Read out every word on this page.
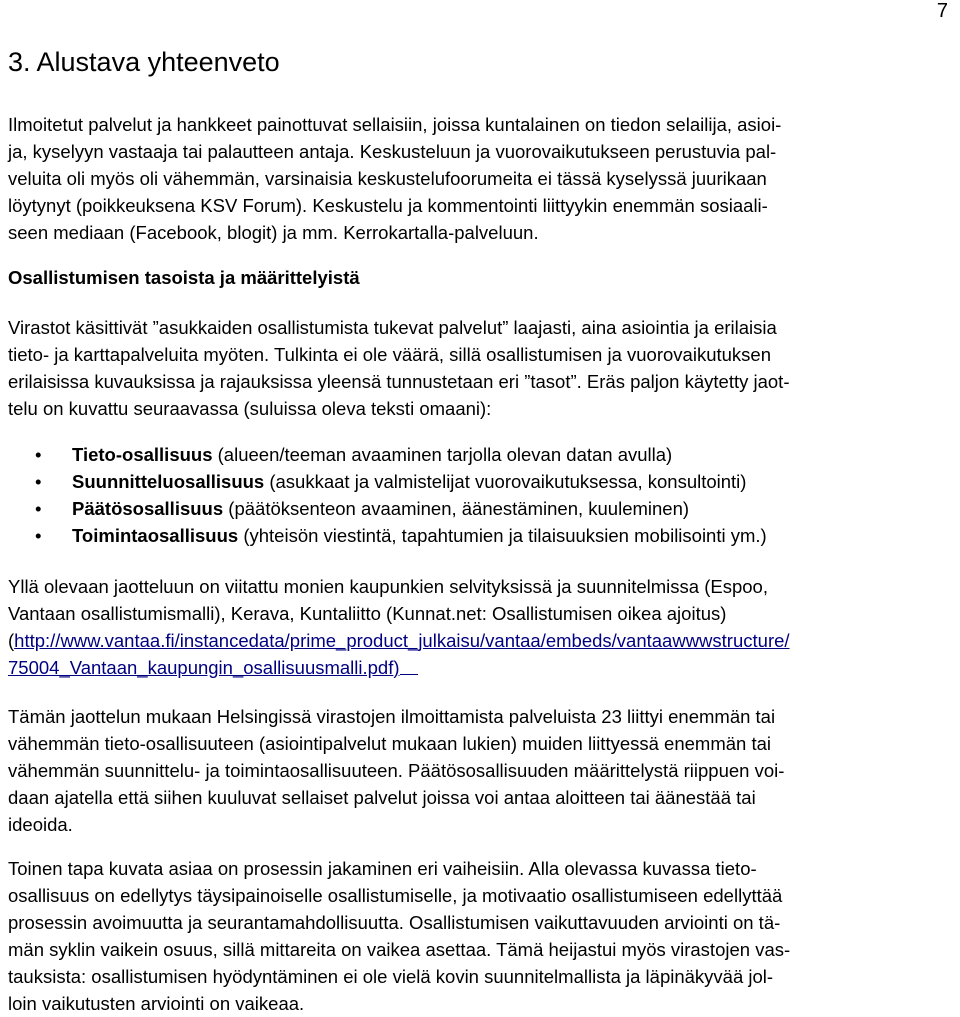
7
3. Alustava yhteenveto
Ilmoitetut palvelut ja hankkeet painottuvat sellaisiin, joissa kuntalainen on tiedon selailija, asioi-
ja, kyselyyn vastaaja tai palautteen antaja. Keskusteluun ja vuorovaikutukseen perustuvia pal-
veluita oli myös oli vähemmän, varsinaisia keskustelufoorumeita ei tässä kyselyssä juurikaan
löytynyt (poikkeuksena KSV Forum). Keskustelu ja kommentointi liittyykin enemmän sosiaali-
seen mediaan (Facebook, blogit) ja mm. Kerrokartalla-palveluun.
Osallistumisen tasoista ja määrittelyistä
Virastot käsittivät ”asukkaiden osallistumista tukevat palvelut” laajasti, aina asiointia ja erilaisia
tieto- ja karttapalveluita myöten. Tulkinta ei ole väärä, sillä osallistumisen ja vuorovaikutuksen
erilaisissa kuvauksissa ja rajauksissa yleensä tunnustetaan eri ”tasot”. Eräs paljon käytetty jaot-
telu on kuvattu seuraavassa (suluissa oleva teksti omaani):
• Tieto-osallisuus (alueen/teeman avaaminen tarjolla olevan datan avulla)
• Suunnitteluosallisuus (asukkaat ja valmistelijat vuorovaikutuksessa, konsultointi)
• Päätösosallisuus (päätöksenteon avaaminen, äänestäminen, kuuleminen)
• Toimintaosallisuus (yhteisön viestintä, tapahtumien ja tilaisuuksien mobilisointi ym.)
Yllä olevaan jaotteluun on viitattu monien kaupunkien selvityksissä ja suunnitelmissa (Espoo,
Vantaan osallistumismalli), Kerava, Kuntaliitto (Kunnat.net: Osallistumisen oikea ajoitus)
(http://www.vantaa.fi/instancedata/prime_product_julkaisu/vantaa/embeds/vantaawwwstructure/
75004_Vantaan_kaupungin_osallisuusmalli.pdf)
Tämän jaottelun mukaan Helsingissä virastojen ilmoittamista palveluista 23 liittyi enemmän tai
vähemmän tieto-osallisuuteen (asiointipalvelut mukaan lukien) muiden liittyessä enemmän tai
vähemmän suunnittelu- ja toimintaosallisuuteen. Päätösosallisuuden määrittelystä riippuen voi-
daan ajatella että siihen kuuluvat sellaiset palvelut joissa voi antaa aloitteen tai äänestää tai
ideoida.
Toinen tapa kuvata asiaa on prosessin jakaminen eri vaiheisiin. Alla olevassa kuvassa tieto-
osallisuus on edellytys täysipainoiselle osallistumiselle, ja motivaatio osallistumiseen edellyttää
prosessin avoimuutta ja seurantamahdollisuutta. Osallistumisen vaikuttavuuden arviointi on tä-
män syklin vaikein osuus, sillä mittareita on vaikea asettaa. Tämä heijastui myös virastojen vas-
tauksista: osallistumisen hyödyntäminen ei ole vielä kovin suunnitelmallista ja läpinäkyvää jol-
loin vaikutusten arviointi on vaikeaa.
